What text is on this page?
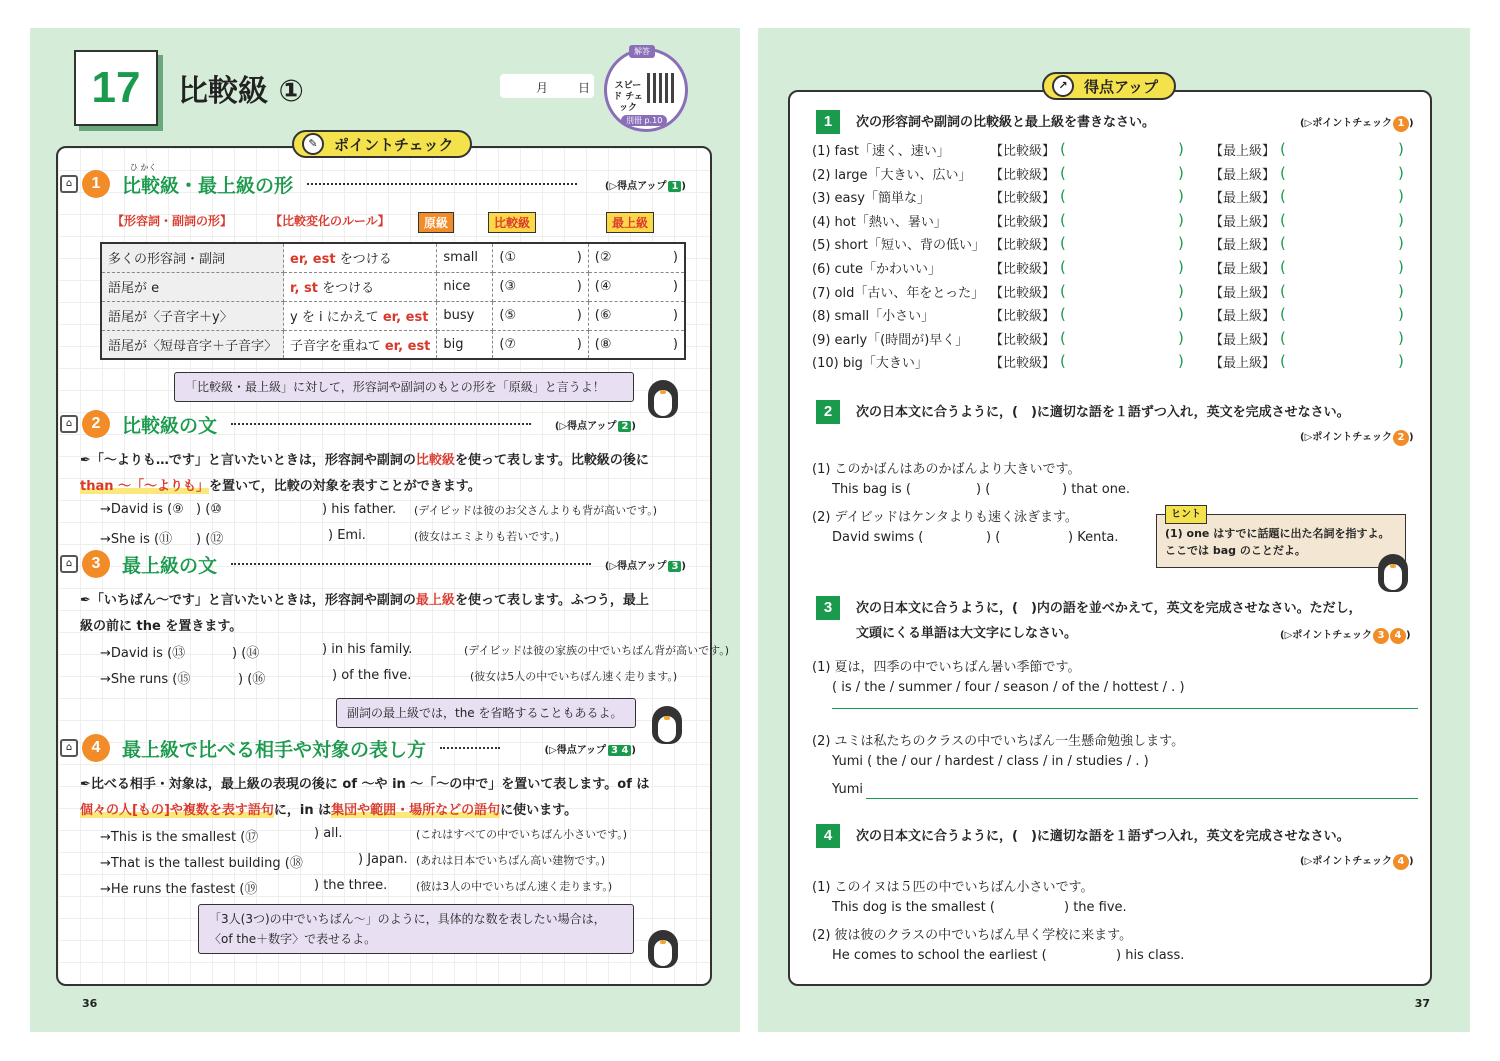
17	比較級 ①	月 日
解答
スピード チェック
別冊 p.10
✎	ポイントチェック
⌂	1	比較級・最上級の形	(▷得点アップ 1 )
ひ かく
【形容詞・副詞の形】	【比較変化のルール】	原級	比較級	最上級
多くの形容詞・副詞	er, est をつける	small	(① )	(② )

語尾が e	r, st をつける	nice	(③ )	(④ )

語尾が〈子音字＋y〉	y を i にかえて er, est	busy	(⑤ )	(⑥ )

語尾が〈短母音字＋子音字〉	子音字を重ねて er, est	big	(⑦ )	(⑧ )
「比較級・最上級」に対して，形容詞や副詞のもとの形を「原級」と言うよ！
⌂	2	比較級の文	(▷得点アップ 2 )
✒「～よりも…です」と言いたいときは，形容詞や副詞の比較級を使って表します。比較級の後に
than ～「～よりも」を置いて，比較の対象を表すことができます。
→David is (⑨ ) (⑩	) his father. (デイビッドは彼のお父さんよりも背が高いです。)
→She is (⑪ ) (⑫	) Emi.	(彼女はエミよりも若いです。)
⌂	3	最上級の文	(▷得点アップ 3 )
✒「いちばん～です」と言いたいときは，形容詞や副詞の最上級を使って表します。ふつう，最上
級の前に the を置きます。
→David is (⑬	) (⑭	) in his family.	(デイビッドは彼の家族の中でいちばん背が高いです。)
→She runs (⑮	) (⑯	) of the five.	(彼女は5人の中でいちばん速く走ります。)
副詞の最上級では，the を省略することもあるよ。
⌂	4	最上級で比べる相手や対象の表し方	(▷得点アップ 3 4 )
✒比べる相手・対象は，最上級の表現の後に of ～や in ～「～の中で」を置いて表します。of は
個々の人[もの]や複数を表す語句に，in は集団や範囲・場所などの語句に使います。
→This is the smallest (⑰	) all.	(これはすべての中でいちばん小さいです。)
→That is the tallest building (⑱	) Japan. (あれは日本でいちばん高い建物です。)
→He runs the fastest (⑲	) the three.	(彼は3人の中でいちばん速く走ります。)
「3人(3つ)の中でいちばん～」のように，具体的な数を表したい場合は，
〈of the＋数字〉で表せるよ。
36
↗	得点アップ
1	次の形容詞や副詞の比較級と最上級を書きなさい。	(▷ポイントチェック 1 )
(1) fast「速く、速い」	【比較級】 (	) 【最上級】 (	)
(2) large「大きい、広い」 【比較級】 (	) 【最上級】 (	)
(3) easy「簡単な」	【比較級】 (	) 【最上級】 (	)
(4) hot「熱い、暑い」	【比較級】 (	) 【最上級】 (	)
(5) short「短い、背の低い」 【比較級】 (	) 【最上級】 (	)
(6) cute「かわいい」	【比較級】 (	) 【最上級】 (	)
(7) old「古い、年をとった」 【比較級】 (	) 【最上級】 (	)
(8) small「小さい」	【比較級】 (	) 【最上級】 (	)
(9) early「(時間が)早く」 【比較級】 (	) 【最上級】 (	)
(10) big「大きい」	【比較級】 (	) 【最上級】 (	)
2	次の日本文に合うように，(　)に適切な語を１語ずつ入れ，英文を完成させなさい。
(▷ポイントチェック 2 )
(1) このかばんはあのかばんより大きいです。
This bag is (	) (	) that one.
(2) デイビッドはケンタよりも速く泳ぎます。
David swims (	) (	) Kenta.
ヒント
(1) one はすでに話題に出た名詞を指すよ。ここでは bag のことだよ。
3	次の日本文に合うように，(　)内の語を並べかえて，英文を完成させなさい。ただし，
文頭にくる単語は大文字にしなさい。	(▷ポイントチェック 3 4 )
(1) 夏は，四季の中でいちばん暑い季節です。
( is / the / summer / four / season / of the / hottest / . )
(2) ユミは私たちのクラスの中でいちばん一生懸命勉強します。
Yumi ( the / our / hardest / class / in / studies / . )
Yumi
4	次の日本文に合うように，(　)に適切な語を１語ずつ入れ，英文を完成させなさい。
(▷ポイントチェック 4 )
(1) このイヌは５匹の中でいちばん小さいです。
This dog is the smallest (	) the five.
(2) 彼は彼のクラスの中でいちばん早く学校に来ます。
He comes to school the earliest (	) his class.
37
